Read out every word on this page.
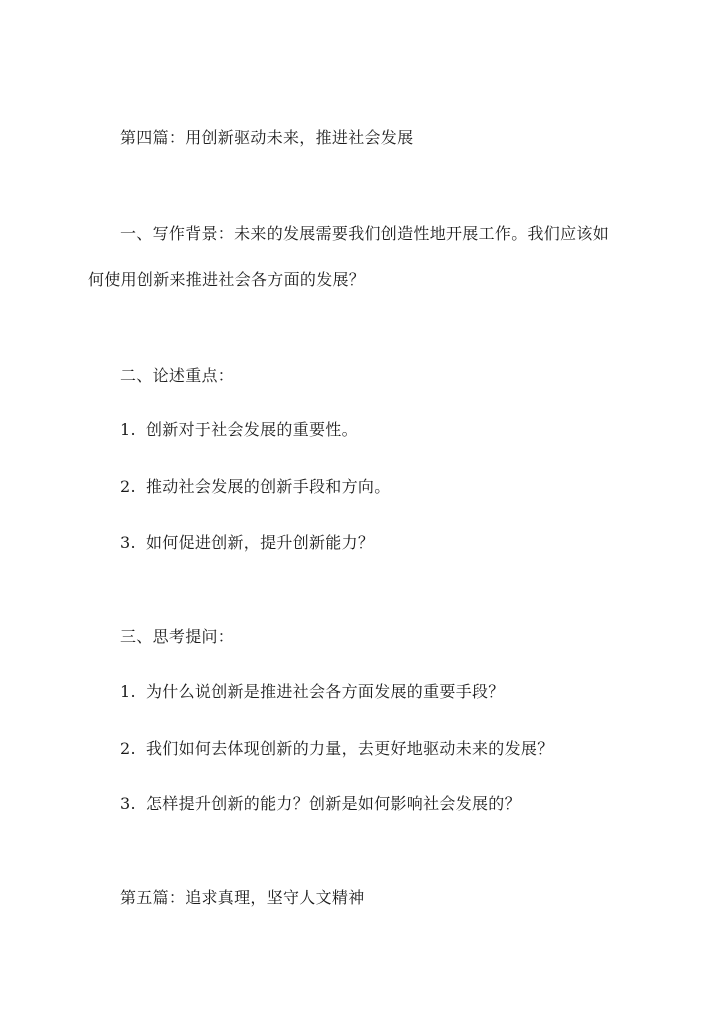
第四篇：用创新驱动未来，推进社会发展

一、写作背景：未来的发展需要我们创造性地开展工作。我们应该如

何使用创新来推进社会各方面的发展？

二、论述重点：

1. 创新对于社会发展的重要性。

2. 推动社会发展的创新手段和方向。

3. 如何促进创新，提升创新能力？

三、思考提问：

1. 为什么说创新是推进社会各方面发展的重要手段？

2. 我们如何去体现创新的力量，去更好地驱动未来的发展？

3. 怎样提升创新的能力？创新是如何影响社会发展的？

第五篇：追求真理，坚守人文精神
